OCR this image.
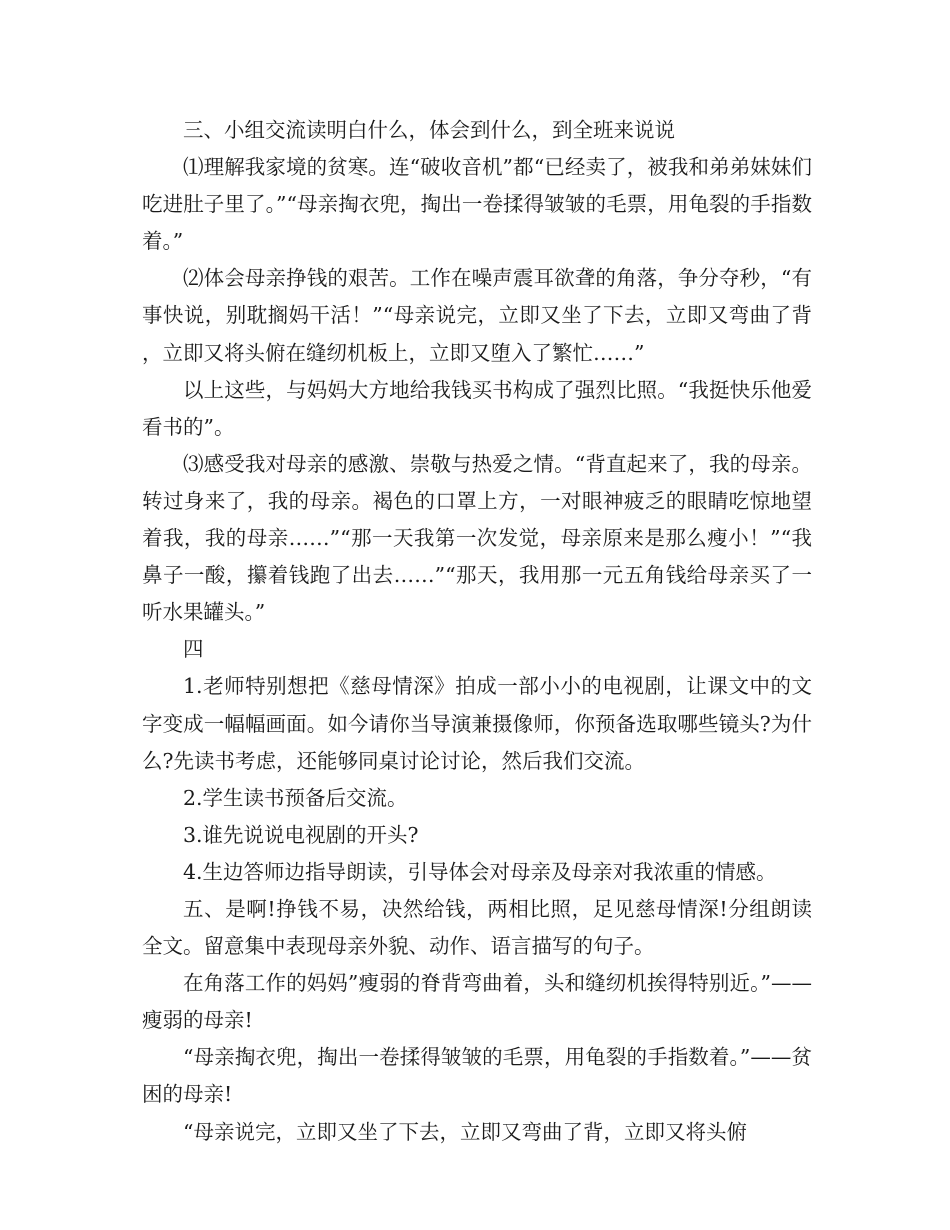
三、小组交流读明白什么，体会到什么，到全班来说说

⑴理解我家境的贫寒。连“破收音机”都“已经卖了，被我和弟弟妹妹们吃进肚子里了。”“母亲掏衣兜，掏出一卷揉得皱皱的毛票，用龟裂的手指数着。”

⑵体会母亲挣钱的艰苦。工作在噪声震耳欲聋的角落，争分夺秒，“有事快说，别耽搁妈干活！”“母亲说完，立即又坐了下去，立即又弯曲了背，立即又将头俯在缝纫机板上，立即又堕入了繁忙……”

以上这些，与妈妈大方地给我钱买书构成了强烈比照。“我挺快乐他爱看书的”。

⑶感受我对母亲的感激、崇敬与热爱之情。“背直起来了，我的母亲。转过身来了，我的母亲。褐色的口罩上方，一对眼神疲乏的眼睛吃惊地望着我，我的母亲……”“那一天我第一次发觉，母亲原来是那么瘦小！”“我鼻子一酸，攥着钱跑了出去……”“那天，我用那一元五角钱给母亲买了一听水果罐头。”

四

1.老师特别想把《慈母情深》拍成一部小小的电视剧，让课文中的文字变成一幅幅画面。如今请你当导演兼摄像师，你预备选取哪些镜头?为什么?先读书考虑，还能够同桌讨论讨论，然后我们交流。

2.学生读书预备后交流。

3.谁先说说电视剧的开头?

4.生边答师边指导朗读，引导体会对母亲及母亲对我浓重的情感。

五、是啊!挣钱不易，决然给钱，两相比照，足见慈母情深!分组朗读全文。留意集中表现母亲外貌、动作、语言描写的句子。

在角落工作的妈妈”瘦弱的脊背弯曲着，头和缝纫机挨得特别近。”——瘦弱的母亲!

“母亲掏衣兜，掏出一卷揉得皱皱的毛票，用龟裂的手指数着。”——贫困的母亲!

“母亲说完，立即又坐了下去，立即又弯曲了背，立即又将头俯
